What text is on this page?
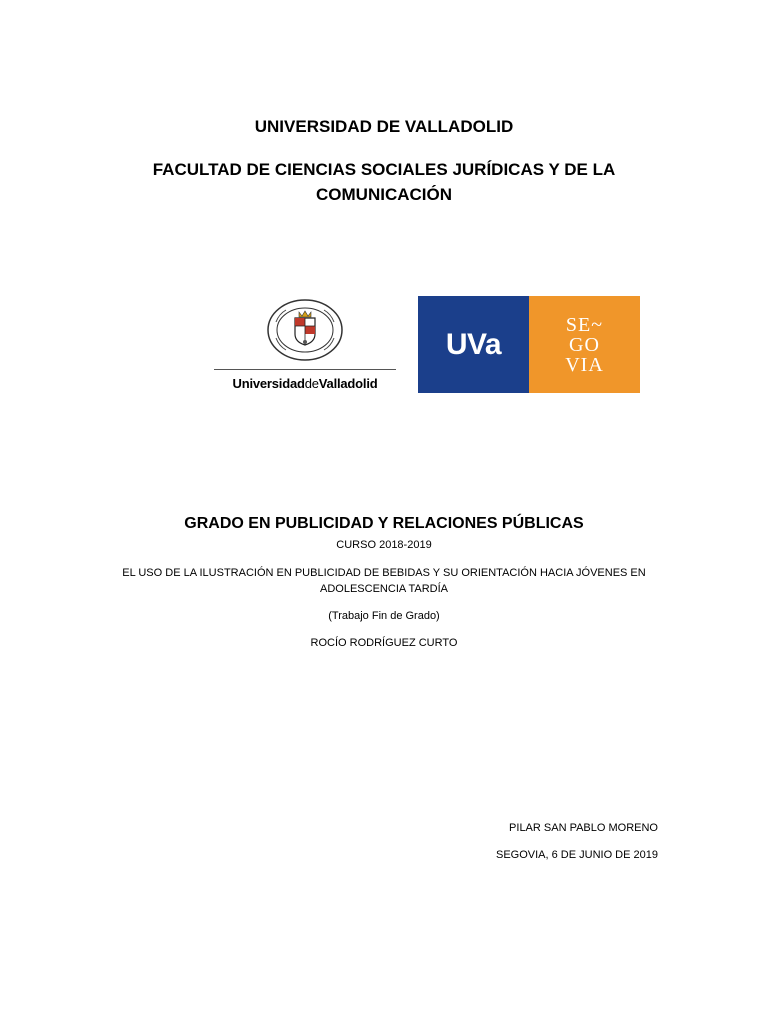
UNIVERSIDAD DE VALLADOLID
FACULTAD DE CIENCIAS SOCIALES JURÍDICAS Y DE LA COMUNICACIÓN
UniversidaddeValladolid
UVa
SE~
GO
VIA
GRADO EN PUBLICIDAD Y RELACIONES PÚBLICAS
CURSO 2018-2019
EL USO DE LA ILUSTRACIÓN EN PUBLICIDAD DE BEBIDAS Y SU ORIENTACIÓN HACIA JÓVENES EN ADOLESCENCIA TARDÍA
(Trabajo Fin de Grado)
ROCÍO RODRÍGUEZ CURTO
PILAR SAN PABLO MORENO
SEGOVIA, 6 DE JUNIO DE 2019
